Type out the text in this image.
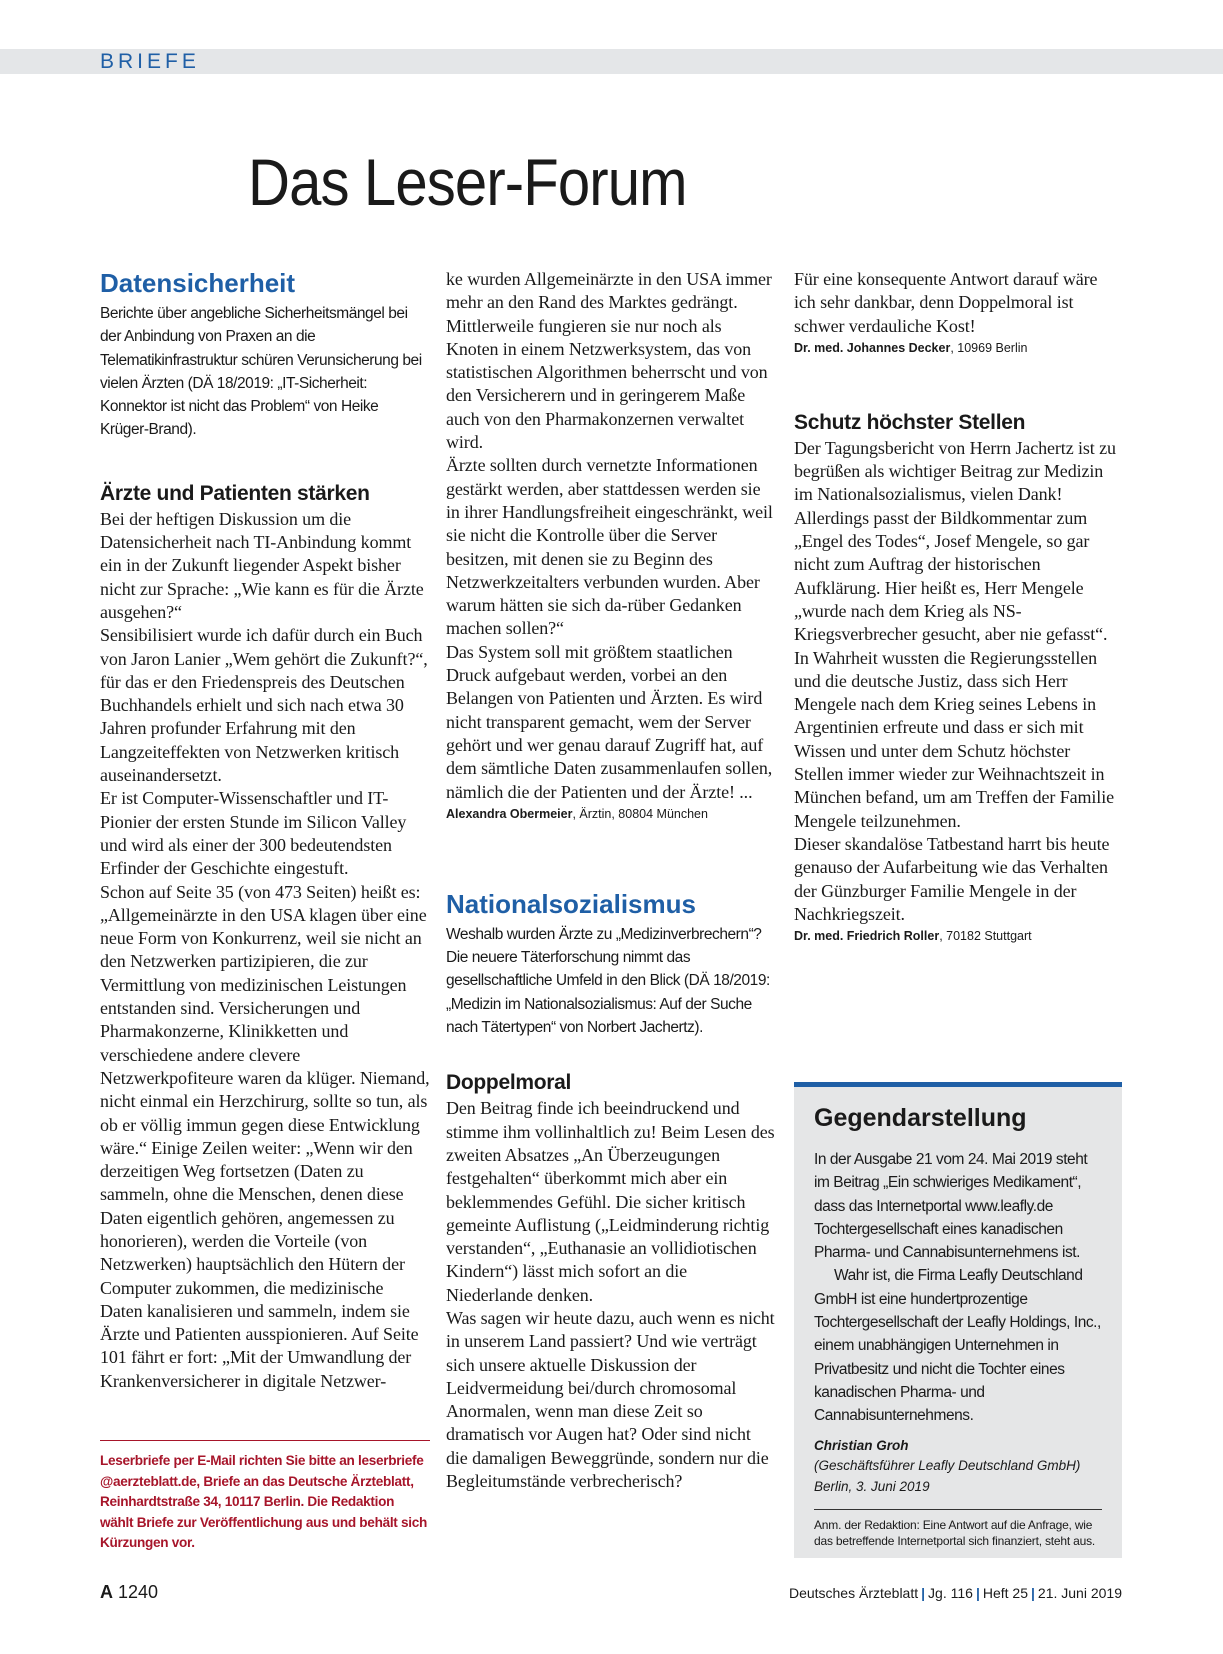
BRIEFE
Das Leser-Forum
Datensicherheit

Berichte über angebliche Sicherheitsmängel bei der Anbindung von Praxen an die Telematikinfrastruktur schüren Verunsicherung bei vielen Ärzten (DÄ 18/2019: „IT-Sicherheit: Konnektor ist nicht das Problem“ von Heike Krüger-Brand).

Ärzte und Patienten stärken

Bei der heftigen Diskussion um die Datensicherheit nach TI-Anbindung kommt ein in der Zukunft liegender Aspekt bisher nicht zur Sprache: „Wie kann es für die Ärzte ausgehen?“
Sensibilisiert wurde ich dafür durch ein Buch von Jaron Lanier „Wem gehört die Zukunft?“, für das er den Friedenspreis des Deutschen Buchhandels erhielt und sich nach etwa 30 Jahren profunder Erfahrung mit den Langzeiteffekten von Netzwerken kritisch auseinandersetzt.
Er ist Computer-Wissenschaftler und IT-Pionier der ersten Stunde im Silicon Valley und wird als einer der 300 bedeutendsten Erfinder der Geschichte eingestuft.
Schon auf Seite 35 (von 473 Seiten) heißt es: „Allgemeinärzte in den USA klagen über eine neue Form von Konkurrenz, weil sie nicht an den Netzwerken partizipieren, die zur Vermittlung von medizinischen Leistungen entstanden sind. Versicherungen und Pharmakonzerne, Klinikketten und verschiedene andere clevere Netzwerkpofiteure waren da klüger. Niemand, nicht einmal ein Herzchirurg, sollte so tun, als ob er völlig immun gegen diese Entwicklung wäre.“ Einige Zeilen weiter: „Wenn wir den derzeitigen Weg fortsetzen (Daten zu sammeln, ohne die Menschen, denen diese Daten eigentlich gehören, angemessen zu honorieren), werden die Vorteile (von Netzwerken) hauptsächlich den Hütern der Computer zukommen, die medizinische Daten kanalisieren und sammeln, indem sie Ärzte und Patienten ausspionieren. Auf Seite 101 fährt er fort: „Mit der Umwandlung der Krankenversicherer in digitale Netzwer-

Leserbriefe per E-Mail richten Sie bitte an leserbriefe @aerzteblatt.de, Briefe an das Deutsche Ärzteblatt, Reinhardtstraße 34, 10117 Berlin. Die Redaktion wählt Briefe zur Veröffentlichung aus und behält sich Kürzungen vor.

ke wurden Allgemeinärzte in den USA immer mehr an den Rand des Marktes gedrängt. Mittlerweile fungieren sie nur noch als Knoten in einem Netzwerksystem, das von statistischen Algorithmen beherrscht und von den Versicherern und in geringerem Maße auch von den Pharmakonzernen verwaltet wird.
Ärzte sollten durch vernetzte Informationen gestärkt werden, aber stattdessen werden sie in ihrer Handlungsfreiheit eingeschränkt, weil sie nicht die Kontrolle über die Server besitzen, mit denen sie zu Beginn des Netzwerkzeitalters verbunden wurden. Aber warum hätten sie sich da-rüber Gedanken machen sollen?“
Das System soll mit größtem staatlichen Druck aufgebaut werden, vorbei an den Belangen von Patienten und Ärzten. Es wird nicht transparent gemacht, wem der Server gehört und wer genau darauf Zugriff hat, auf dem sämtliche Daten zusammenlaufen sollen, nämlich die der Patienten und der Ärzte! ...

Alexandra Obermeier, Ärztin, 80804 München

Nationalsozialismus

Weshalb wurden Ärzte zu „Medizinverbrechern“? Die neuere Täterforschung nimmt das gesellschaftliche Umfeld in den Blick (DÄ 18/2019: „Medizin im Nationalsozialismus: Auf der Suche nach Tätertypen“ von Norbert Jachertz).

Doppelmoral

Den Beitrag finde ich beeindruckend und stimme ihm vollinhaltlich zu! Beim Lesen des zweiten Absatzes „An Überzeugungen festgehalten“ überkommt mich aber ein beklemmendes Gefühl. Die sicher kritisch gemeinte Auflistung („Leidminderung richtig verstanden“, „Euthanasie an vollidiotischen Kindern“) lässt mich sofort an die Niederlande denken.
Was sagen wir heute dazu, auch wenn es nicht in unserem Land passiert? Und wie verträgt sich unsere aktuelle Diskussion der Leidvermeidung bei/durch chromosomal Anormalen, wenn man diese Zeit so dramatisch vor Augen hat? Oder sind nicht die damaligen Beweggründe, sondern nur die Begleitumstände verbrecherisch?

Für eine konsequente Antwort darauf wäre ich sehr dankbar, denn Doppelmoral ist schwer verdauliche Kost!

Dr. med. Johannes Decker, 10969 Berlin

Schutz höchster Stellen

Der Tagungsbericht von Herrn Jachertz ist zu begrüßen als wichtiger Beitrag zur Medizin im Nationalsozialismus, vielen Dank! Allerdings passt der Bildkommentar zum „Engel des Todes“, Josef Mengele, so gar nicht zum Auftrag der historischen Aufklärung. Hier heißt es, Herr Mengele „wurde nach dem Krieg als NS-Kriegsverbrecher gesucht, aber nie gefasst“.
In Wahrheit wussten die Regierungsstellen und die deutsche Justiz, dass sich Herr Mengele nach dem Krieg seines Lebens in Argentinien erfreute und dass er sich mit Wissen und unter dem Schutz höchster Stellen immer wieder zur Weihnachtszeit in München befand, um am Treffen der Familie Mengele teilzunehmen.
Dieser skandalöse Tatbestand harrt bis heute genauso der Aufarbeitung wie das Verhalten der Günzburger Familie Mengele in der Nachkriegszeit.

Dr. med. Friedrich Roller, 70182 Stuttgart

Gegendarstellung

In der Ausgabe 21 vom 24. Mai 2019 steht im Beitrag „Ein schwieriges Medikament“, dass das Internetportal www.leafly.de Tochtergesellschaft eines kanadischen Pharma- und Cannabisunternehmens ist.

Wahr ist, die Firma Leafly Deutschland GmbH ist eine hundertprozentige Tochtergesellschaft der Leafly Holdings, Inc., einem unabhängigen Unternehmen in Privatbesitz und nicht die Tochter eines kanadischen Pharma- und Cannabisunternehmens.

Christian Groh
(Geschäftsführer Leafly Deutschland GmbH)
Berlin, 3. Juni 2019

Anm. der Redaktion: Eine Antwort auf die Anfrage, wie das betreffende Internetportal sich finanziert, steht aus.

A 1240	Deutsches Ärzteblatt | Jg. 116 | Heft 25 | 21. Juni 2019
